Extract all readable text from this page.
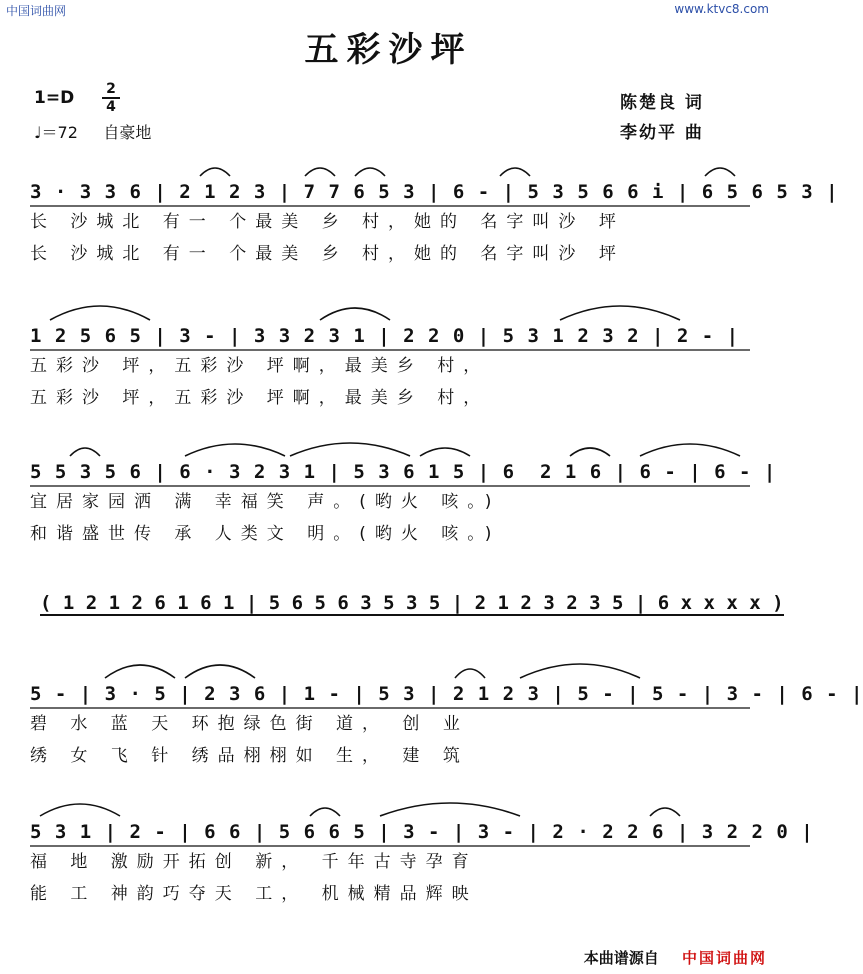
中国词曲网	www.ktvc8.com
五彩沙坪
1=D 2
4
♩＝72 自豪地
陈楚良 词
李幼平 曲
3 · 3 3 6 | 2 1 2 3 | 7 7 6 5 3 | 6 - | 5 3 5 6 6 i | 6 5 6 5 3 |
长 沙城北 有一 个最美 乡 村，她的 名字叫沙 坪
长 沙城北 有一 个最美 乡 村，她的 名字叫沙 坪
1 2 5 6 5 | 3 - | 3 3 2 3 1 | 2 2 0 | 5 3 1 2 3 2 | 2 - |
五彩沙 坪，五彩沙 坪啊，最美乡 村，
五彩沙 坪，五彩沙 坪啊，最美乡 村，
5 5 3 5 6 | 6 · 3 2 3 1 | 5 3 6 1 5 | 6  2 1 6 | 6 - | 6 - |
宜居家园洒 满 幸福笑 声。(哟火 咳。)
和谐盛世传 承 人类文 明。(哟火 咳。)
( 1 2 1 2 6 1 6 1 | 5 6 5 6 3 5 3 5 | 2 1 2 3 2 3 5 | 6 x x x x )
5 - | 3 · 5 | 2 3 6 | 1 - | 5 3 | 2 1 2 3 | 5 - | 5 - | 3 - | 6 - |
碧 水 蓝 天 环抱绿色街 道， 创 业
绣 女 飞 针 绣品栩栩如 生， 建 筑
5 3 1 | 2 - | 6 6 | 5 6 6 5 | 3 - | 3 - | 2 · 2 2 6 | 3 2 2 0 |
福 地 激励开拓创 新， 千年古寺孕育
能 工 神韵巧夺天 工， 机械精品辉映
本曲谱源自 中国词曲网
